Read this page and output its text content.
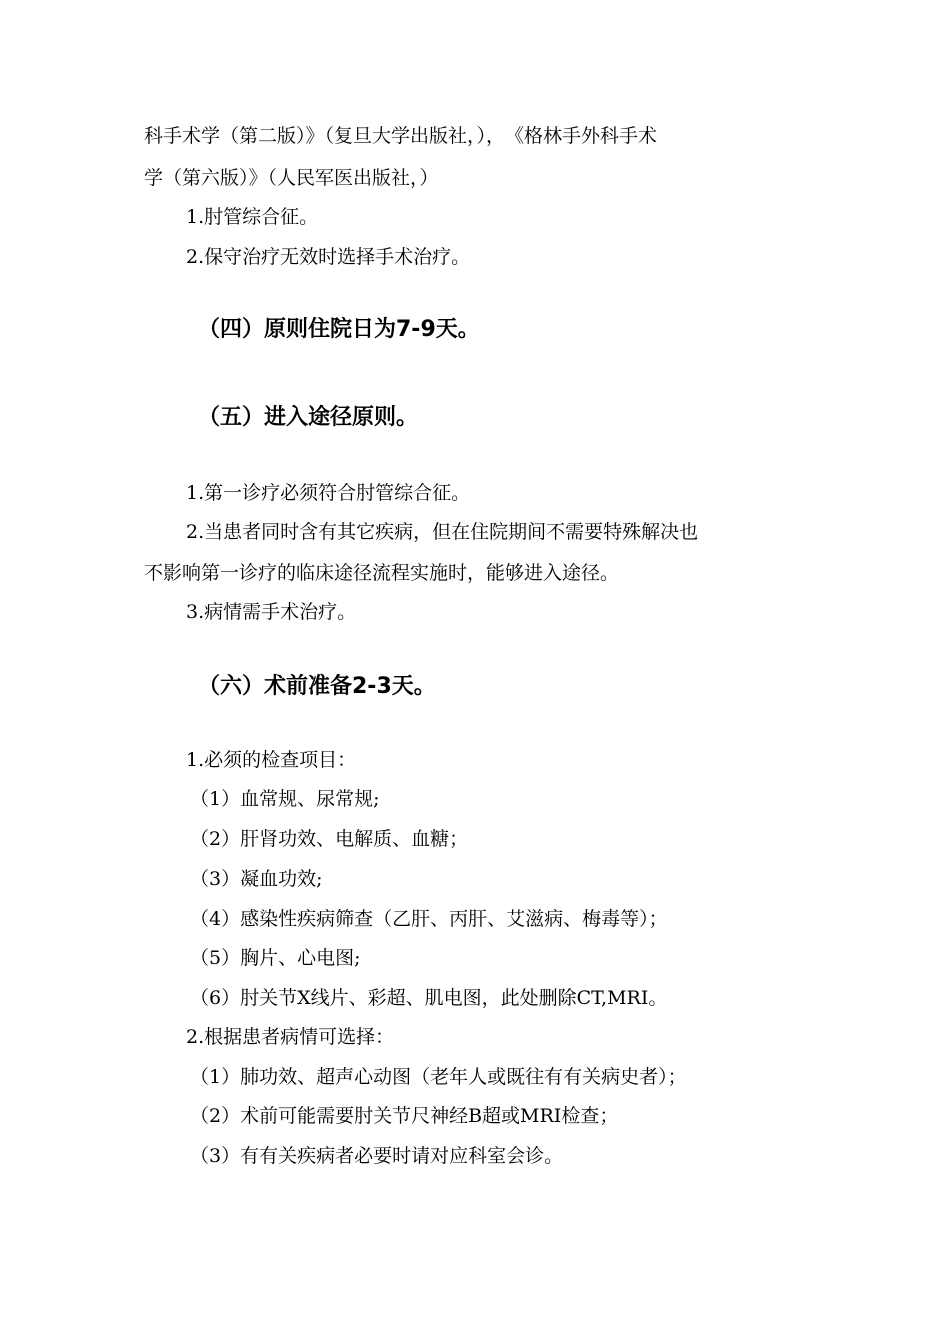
科手术学（第二版）》（复旦大学出版社，），　《格林手外科手术
学（第六版）》（人民军医出版社，）
1.肘管综合征。
2.保守治疗无效时选择手术治疗。
（四）原则住院日为7-9天。
（五）进入途径原则。
1.第一诊疗必须符合肘管综合征。
2.当患者同时含有其它疾病，但在住院期间不需要特殊解决也
不影响第一诊疗的临床途径流程实施时，能够进入途径。
3.病情需手术治疗。
（六）术前准备2-3天。
1.必须的检查项目：
（1）血常规、尿常规;
（2）肝肾功效、电解质、血糖；
（3）凝血功效;
（4）感染性疾病筛查（乙肝、丙肝、艾滋病、梅毒等）；
（5）胸片、心电图;
（6）肘关节X线片、彩超、肌电图，此处删除CT,MRI。
2.根据患者病情可选择：
（1）肺功效、超声心动图（老年人或既往有有关病史者）；
（2）术前可能需要肘关节尺神经B超或MRI检查；
（3）有有关疾病者必要时请对应科室会诊。
